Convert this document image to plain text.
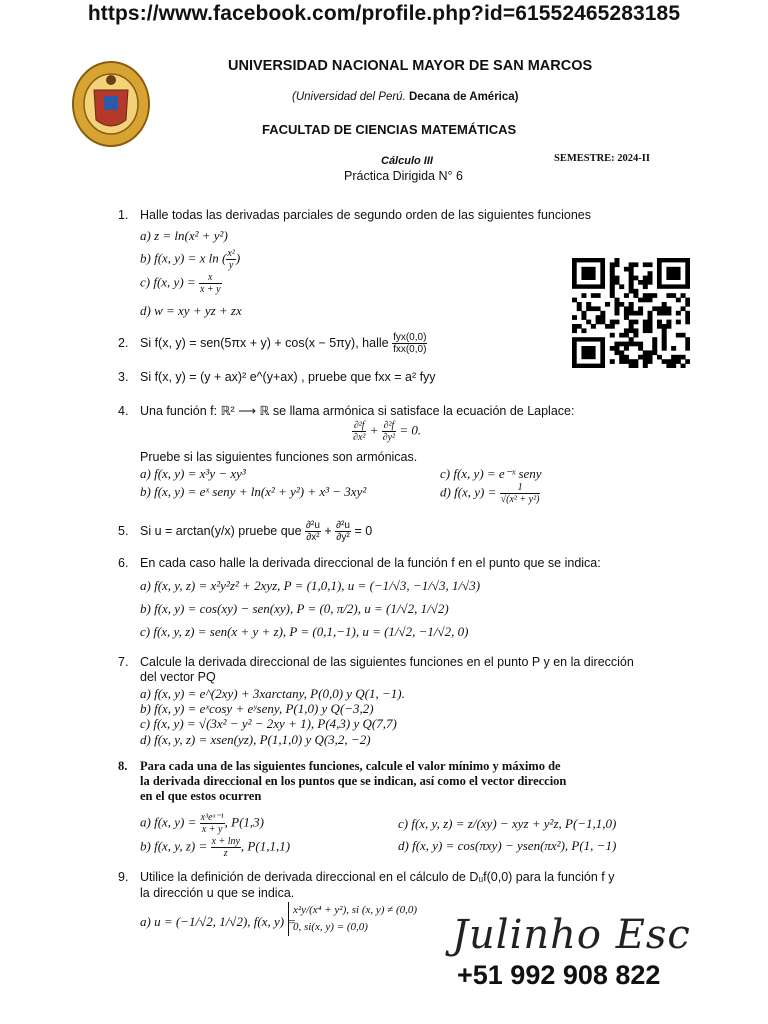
https://www.facebook.com/profile.php?id=61552465283185
UNIVERSIDAD NACIONAL MAYOR DE SAN MARCOS
(Universidad del Perú. Decana de América)
FACULTAD DE CIENCIAS MATEMÁTICAS
Cálculo III	SEMESTRE: 2024-II
Práctica Dirigida N° 6
1. Halle todas las derivadas parciales de segundo orden de las siguientes funciones
a) z = ln(x² + y²)
b) f(x, y) = x ln ( $\frac{\text{x²}}{y}$ )
c) f(x, $y) = \frac{x}{x + y}$
d) w = xy + yz + zx
2. Si f(x, y) = sen(5πx + y) + cos(x − 5πy), halle $\frac{\text{fyx(0,0)}}{\text{fxx(0,0)}}$
3. Si f(x, y) = (y + ax)² e^(y+ax) , pruebe que fxx = a² fyy
4. Una función f: ℝ² ⟶ ℝ se llama armónica si satisface la ecuación de Laplace:
$\frac{\text{∂²f}}{\text{∂x²}} + \frac{\text{∂²f}}{\text{∂y²}} = 0$.
Pruebe si las siguientes funciones son armónicas.
a) f(x, y) = x³y − xy³
b) f(x, y) = eˣ seny + ln(x² + y²) + x³ − 3xy²
c) f(x, y) = e⁻ˣ seny
d) f(x, $y) = \frac{1}{\text{√(x² + y²)}}$
5. Si u = arctan(y/x) pruebe que $\frac{\text{∂²u}}{\text{∂x²}} + \frac{\text{∂²u}}{\text{∂y²}} = 0$
6. En cada caso halle la derivada direccional de la función f en el punto que se indica:
a) f(x, y, z) = x²y²z² + 2xyz, P = (1,0,1), u = (−1/√3, −1/√3, 1/√3)
b) f(x, y) = cos(xy) − sen(xy), P = (0, π/2), u = (1/√2, 1/√2)
c) f(x, y, z) = sen(x + y + z), P = (0,1,−1), u = (1/√2, −1/√2, 0)
7. Calcule la derivada direccional de las siguientes funciones en el punto P y en la dirección
del vector PQ
a) f(x, y) = e^(2xy) + 3xarctany, P(0,0) y Q(1, −1).
b) f(x, y) = eˣcosy + eʸseny, P(1,0) y Q(−3,2)
c) f(x, y) = √(3x² − y² − 2xy + 1), P(4,3) y Q(7,7)
d) f(x, y, z) = xsen(yz), P(1,1,0) y Q(3,2, −2)
8. Para cada una de las siguientes funciones, calcule el valor mínimo y máximo de
la derivada direccional en los puntos que se indican, así como el vector direccion
en el que estos ocurren
a) f(x, $y) = \frac{\text{x³eˣ⁻¹}}{x + y}$ , P(1,3)
b) f(x, y, $z) = \frac{x + \ln y}{z}$ , P(1,1,1)
c) f(x, y, z) = z/(xy) − xyz + y²z, P(−1,1,0)
d) f(x, y) = cos(πxy) − ysen(πx²), P(1, −1)
9. Utilice la definición de derivada direccional en el cálculo de Dᵤf(0,0) para la función f y
la dirección u que se indica.
a) u = (−1/√2, 1/√2), f(x, y) =
x²y/(x⁴ + y²), si (x, y) ≠ (0,0)
0, si(x, y) = (0,0)	Julinho Esc
+51 992 908 822
